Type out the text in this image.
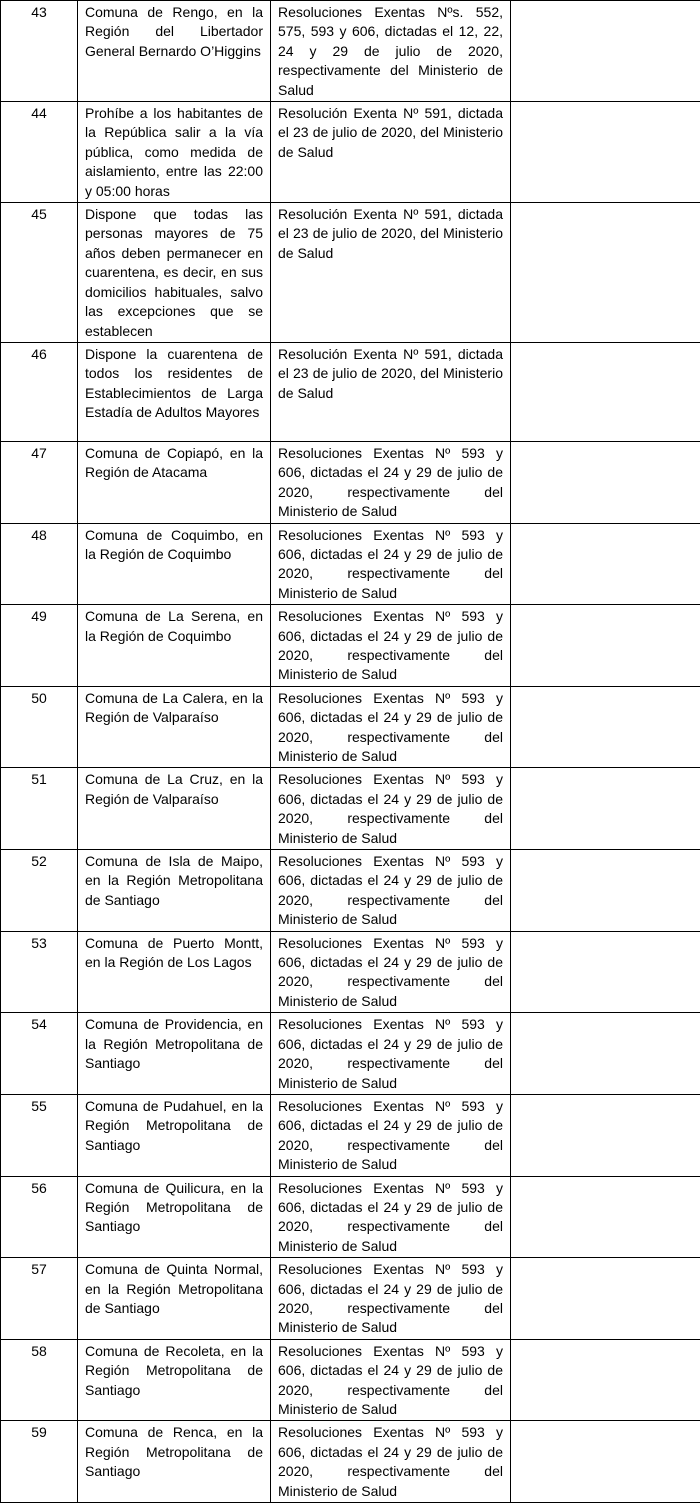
43	Comuna de Rengo, en la Región del Libertador General Bernardo O’Higgins	Resoluciones Exentas Nºs. 552, 575, 593 y 606, dictadas el 12, 22, 24 y 29 de julio de 2020, respectivamente del Ministerio de Salud	
44	Prohíbe a los habitantes de la República salir a la vía pública, como medida de aislamiento, entre las 22:00 y 05:00 horas	Resolución Exenta Nº 591, dictada el 23 de julio de 2020, del Ministerio de Salud	
45	Dispone que todas las personas mayores de 75 años deben permanecer en cuarentena, es decir, en sus domicilios habituales, salvo las excepciones que se establecen	Resolución Exenta Nº 591, dictada el 23 de julio de 2020, del Ministerio de Salud	
46	Dispone la cuarentena de todos los residentes de Establecimientos de Larga Estadía de Adultos Mayores	Resolución Exenta Nº 591, dictada el 23 de julio de 2020, del Ministerio de Salud	
47	Comuna de Copiapó, en la Región de Atacama	Resoluciones Exentas Nº 593 y 606, dictadas el 24 y 29 de julio de 2020, respectivamente del Ministerio de Salud	
48	Comuna de Coquimbo, en la Región de Coquimbo	Resoluciones Exentas Nº 593 y 606, dictadas el 24 y 29 de julio de 2020, respectivamente del Ministerio de Salud	
49	Comuna de La Serena, en la Región de Coquimbo	Resoluciones Exentas Nº 593 y 606, dictadas el 24 y 29 de julio de 2020, respectivamente del Ministerio de Salud	
50	Comuna de La Calera, en la Región de Valparaíso	Resoluciones Exentas Nº 593 y 606, dictadas el 24 y 29 de julio de 2020, respectivamente del Ministerio de Salud	
51	Comuna de La Cruz, en la Región de Valparaíso	Resoluciones Exentas Nº 593 y 606, dictadas el 24 y 29 de julio de 2020, respectivamente del Ministerio de Salud	
52	Comuna de Isla de Maipo, en la Región Metropolitana de Santiago	Resoluciones Exentas Nº 593 y 606, dictadas el 24 y 29 de julio de 2020, respectivamente del Ministerio de Salud	
53	Comuna de Puerto Montt, en la Región de Los Lagos	Resoluciones Exentas Nº 593 y 606, dictadas el 24 y 29 de julio de 2020, respectivamente del Ministerio de Salud	
54	Comuna de Providencia, en la Región Metropolitana de Santiago	Resoluciones Exentas Nº 593 y 606, dictadas el 24 y 29 de julio de 2020, respectivamente del Ministerio de Salud	
55	Comuna de Pudahuel, en la Región Metropolitana de Santiago	Resoluciones Exentas Nº 593 y 606, dictadas el 24 y 29 de julio de 2020, respectivamente del Ministerio de Salud	
56	Comuna de Quilicura, en la Región Metropolitana de Santiago	Resoluciones Exentas Nº 593 y 606, dictadas el 24 y 29 de julio de 2020, respectivamente del Ministerio de Salud	
57	Comuna de Quinta Normal, en la Región Metropolitana de Santiago	Resoluciones Exentas Nº 593 y 606, dictadas el 24 y 29 de julio de 2020, respectivamente del Ministerio de Salud	
58	Comuna de Recoleta, en la Región Metropolitana de Santiago	Resoluciones Exentas Nº 593 y 606, dictadas el 24 y 29 de julio de 2020, respectivamente del Ministerio de Salud	
59	Comuna de Renca, en la Región Metropolitana de Santiago	Resoluciones Exentas Nº 593 y 606, dictadas el 24 y 29 de julio de 2020, respectivamente del Ministerio de Salud	
